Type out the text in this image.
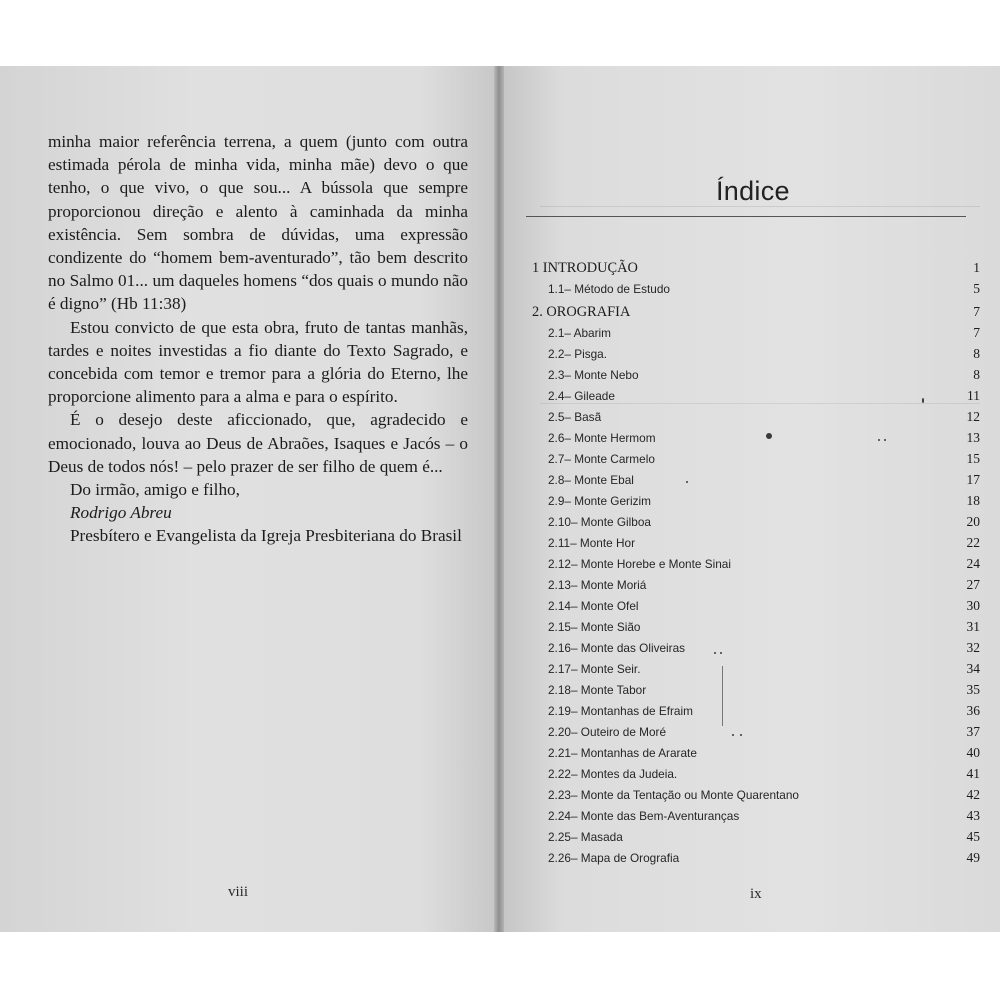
minha maior referência terrena, a quem (junto com outra estimada pérola de minha vida, minha mãe) devo o que tenho, o que vivo, o que sou... A bússola que sempre proporcionou direção e alento à caminhada da minha existência. Sem sombra de dúvidas, uma expressão condizente do “homem bem-aventurado”, tão bem descrito no Salmo 01... um daqueles homens “dos quais o mundo não é digno” (Hb 11:38)

Estou convicto de que esta obra, fruto de tantas manhãs, tardes e noites investidas a fio diante do Texto Sagrado, e concebida com temor e tremor para a glória do Eterno, lhe proporcione alimento para a alma e para o espírito.

É o desejo deste aficcionado, que, agradecido e emocionado, louva ao Deus de Abraões, Isaques e Jacós – o Deus de todos nós! – pelo prazer de ser filho de quem é...

Do irmão, amigo e filho,

Rodrigo Abreu

Presbítero e Evangelista da Igreja Presbiteriana do Brasil

viii
Índice
1 INTRODUÇÃO	1
1.1– Método de Estudo	5
2. OROGRAFIA	7
2.1– Abarim	7
2.2– Pisga.	8
2.3– Monte Nebo	8
2.4– Gileade	11
2.5– Basã	12
2.6– Monte Hermom	13
2.7– Monte Carmelo	15
2.8– Monte Ebal	17
2.9– Monte Gerizim	18
2.10– Monte Gilboa	20
2.11– Monte Hor	22
2.12– Monte Horebe e Monte Sinai	24
2.13– Monte Moriá	27
2.14– Monte Ofel	30
2.15– Monte Sião	31
2.16– Monte das Oliveiras	32
2.17– Monte Seir.	34
2.18– Monte Tabor	35
2.19– Montanhas de Efraim	36
2.20– Outeiro de Moré	37
2.21– Montanhas de Ararate	40
2.22– Montes da Judeia.	41
2.23– Monte da Tentação ou Monte Quarentano	42
2.24– Monte das Bem-Aventuranças	43
2.25– Masada	45
2.26– Mapa de Orografia	49
ix
